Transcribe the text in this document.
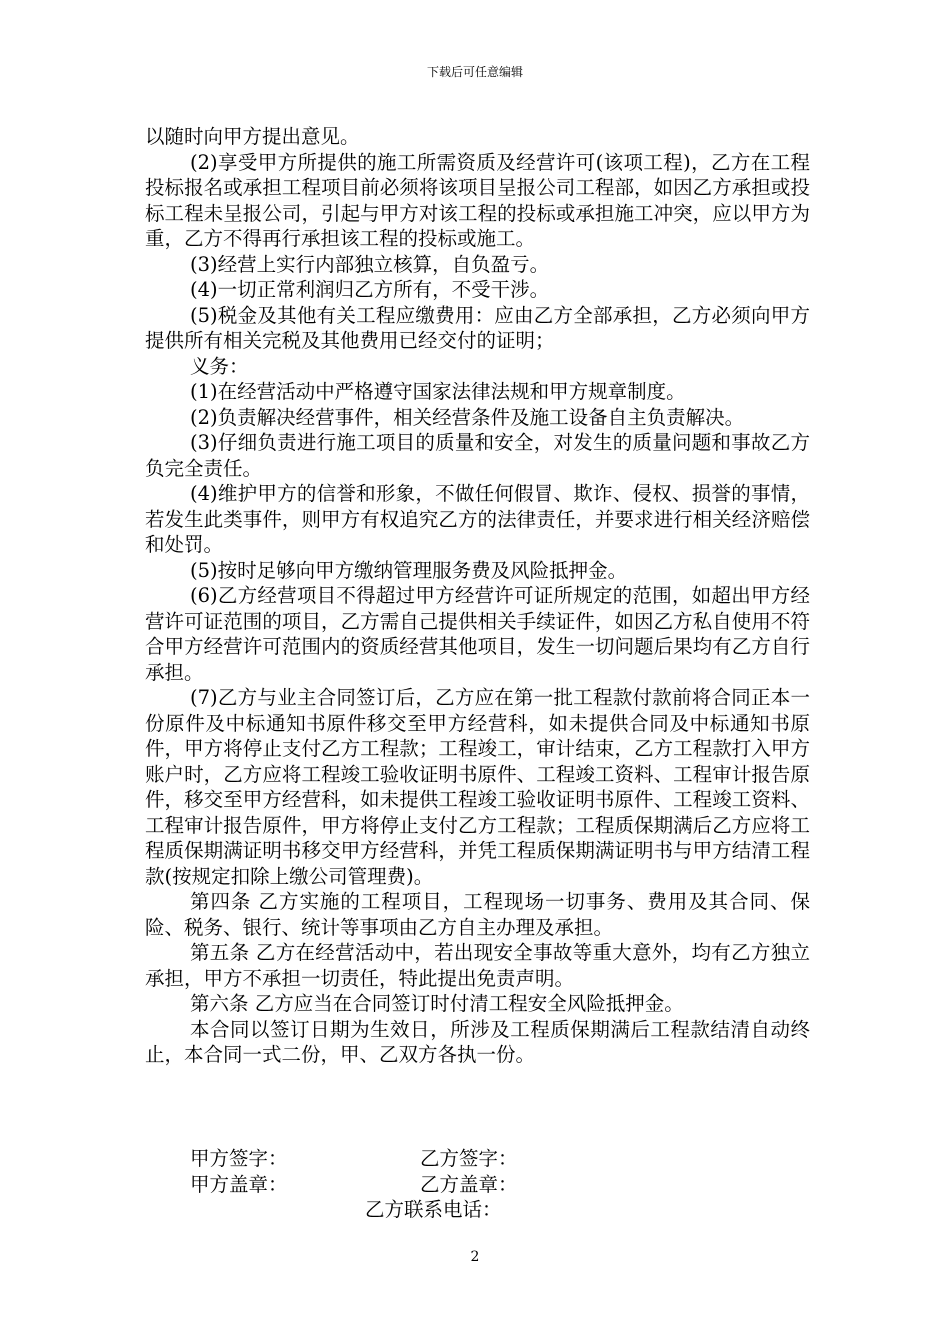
下载后可任意编辑

以随时向甲方提出意见。

(2)享受甲方所提供的施工所需资质及经营许可(该项工程)，乙方在工程投标报名或承担工程项目前必须将该项目呈报公司工程部，如因乙方承担或投标工程未呈报公司，引起与甲方对该工程的投标或承担施工冲突，应以甲方为重，乙方不得再行承担该工程的投标或施工。

(3)经营上实行内部独立核算，自负盈亏。

(4)一切正常利润归乙方所有，不受干涉。

(5)税金及其他有关工程应缴费用：应由乙方全部承担，乙方必须向甲方提供所有相关完税及其他费用已经交付的证明；

义务：

(1)在经营活动中严格遵守国家法律法规和甲方规章制度。

(2)负责解决经营事件，相关经营条件及施工设备自主负责解决。

(3)仔细负责进行施工项目的质量和安全，对发生的质量问题和事故乙方负完全责任。

(4)维护甲方的信誉和形象，不做任何假冒、欺诈、侵权、损誉的事情，若发生此类事件，则甲方有权追究乙方的法律责任，并要求进行相关经济赔偿和处罚。

(5)按时足够向甲方缴纳管理服务费及风险抵押金。

(6)乙方经营项目不得超过甲方经营许可证所规定的范围，如超出甲方经营许可证范围的项目，乙方需自己提供相关手续证件，如因乙方私自使用不符合甲方经营许可范围内的资质经营其他项目，发生一切问题后果均有乙方自行承担。

(7)乙方与业主合同签订后，乙方应在第一批工程款付款前将合同正本一份原件及中标通知书原件移交至甲方经营科，如未提供合同及中标通知书原件，甲方将停止支付乙方工程款；工程竣工，审计结束，乙方工程款打入甲方账户时，乙方应将工程竣工验收证明书原件、工程竣工资料、工程审计报告原件，移交至甲方经营科，如未提供工程竣工验收证明书原件、工程竣工资料、工程审计报告原件，甲方将停止支付乙方工程款；工程质保期满后乙方应将工程质保期满证明书移交甲方经营科，并凭工程质保期满证明书与甲方结清工程款(按规定扣除上缴公司管理费)。

第四条 乙方实施的工程项目，工程现场一切事务、费用及其合同、保险、税务、银行、统计等事项由乙方自主办理及承担。

第五条 乙方在经营活动中，若出现安全事故等重大意外，均有乙方独立承担，甲方不承担一切责任，特此提出免责声明。

第六条 乙方应当在合同签订时付清工程安全风险抵押金。

本合同以签订日期为生效日，所涉及工程质保期满后工程款结清自动终止，本合同一式二份，甲、乙双方各执一份。

甲方签字：	乙方签字：
甲方盖章：	乙方盖章：
乙方联系电话：
2
